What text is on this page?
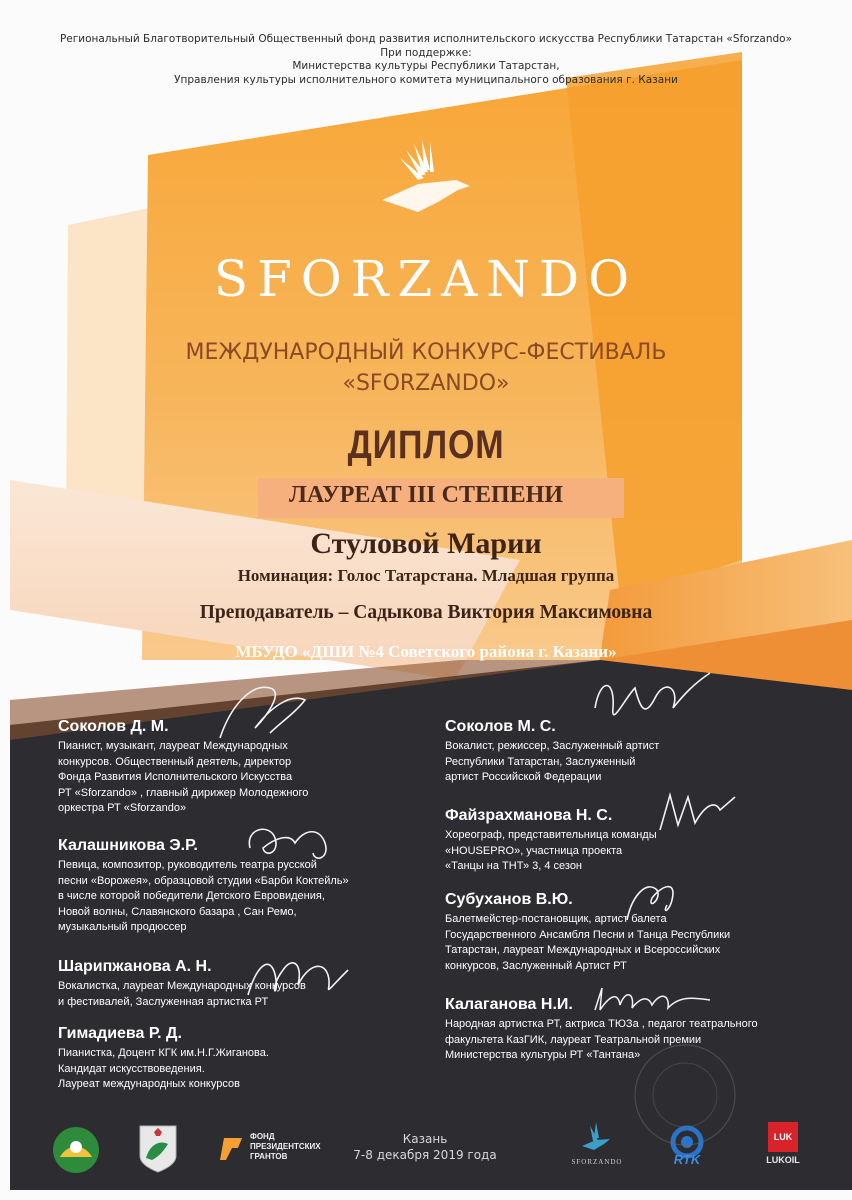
Региональный Благотворительный Общественный фонд развития исполнительского искусства Республики Татарстан «Sforzando»
При поддержке:
Министерства культуры Республики Татарстан,
Управления культуры исполнительного комитета муниципального образования г. Казани
SFORZANDO
МЕЖДУНАРОДНЫЙ КОНКУРС-ФЕСТИВАЛЬ
«SFORZANDO»
ДИПЛОМ
ЛАУРЕАТ III СТЕПЕНИ
Стуловой Марии
Номинация: Голос Татарстана. Младшая группа
Преподаватель – Садыкова Виктория Максимовна
МБУДО «ДШИ №4 Советского района г. Казани»
Соколов Д. М.
Пианист, музыкант, лауреат Международных
конкурсов. Общественный деятель, директор
Фонда Развития Исполнительского Искусства
РТ «Sforzando» , главный дирижер Молодежного
оркестра РТ «Sforzando»
Калашникова Э.Р.
Певица, композитор, руководитель театра русской
песни «Ворожея», образцовой студии «Барби Коктейль»
в числе которой победители Детского Евровидения,
Новой волны, Славянского базара , Сан Ремо,
музыкальный продюссер
Шарипжанова А. Н.
Вокалистка, лауреат Международных конкурсов
и фестивалей, Заслуженная артистка РТ
Гимадиева Р. Д.
Пианистка, Доцент КГК им.Н.Г.Жиганова.
Кандидат искусствоведения.
Лауреат международных конкурсов
Соколов М. С.
Вокалист, режиссер, Заслуженный артист
Республики Татарстан, Заслуженный
артист Российской Федерации
Файзрахманова Н. С.
Хореограф, представительница команды
«HOUSEPRO», участница проекта
«Танцы на ТНТ» 3, 4 сезон
Субуханов В.Ю.
Балетмейстер-постановщик, артист балета
Государственного Ансамбля Песни и Танца Республики
Татарстан, лауреат Международных и Всероссийских
конкурсов, Заслуженный Артист РТ
Калаганова Н.И.
Народная артистка РТ, актриса ТЮЗа , педагог театрального
факультета КазГИК, лауреат Театральной премии
Министерства культуры РТ «Тантана»
ФОНД
ПРЕЗИДЕНТСКИХ
ГРАНТОВ
Казань
7-8 декабря 2019 года	SFORZANDO	RTK
LUK
LUKOIL
